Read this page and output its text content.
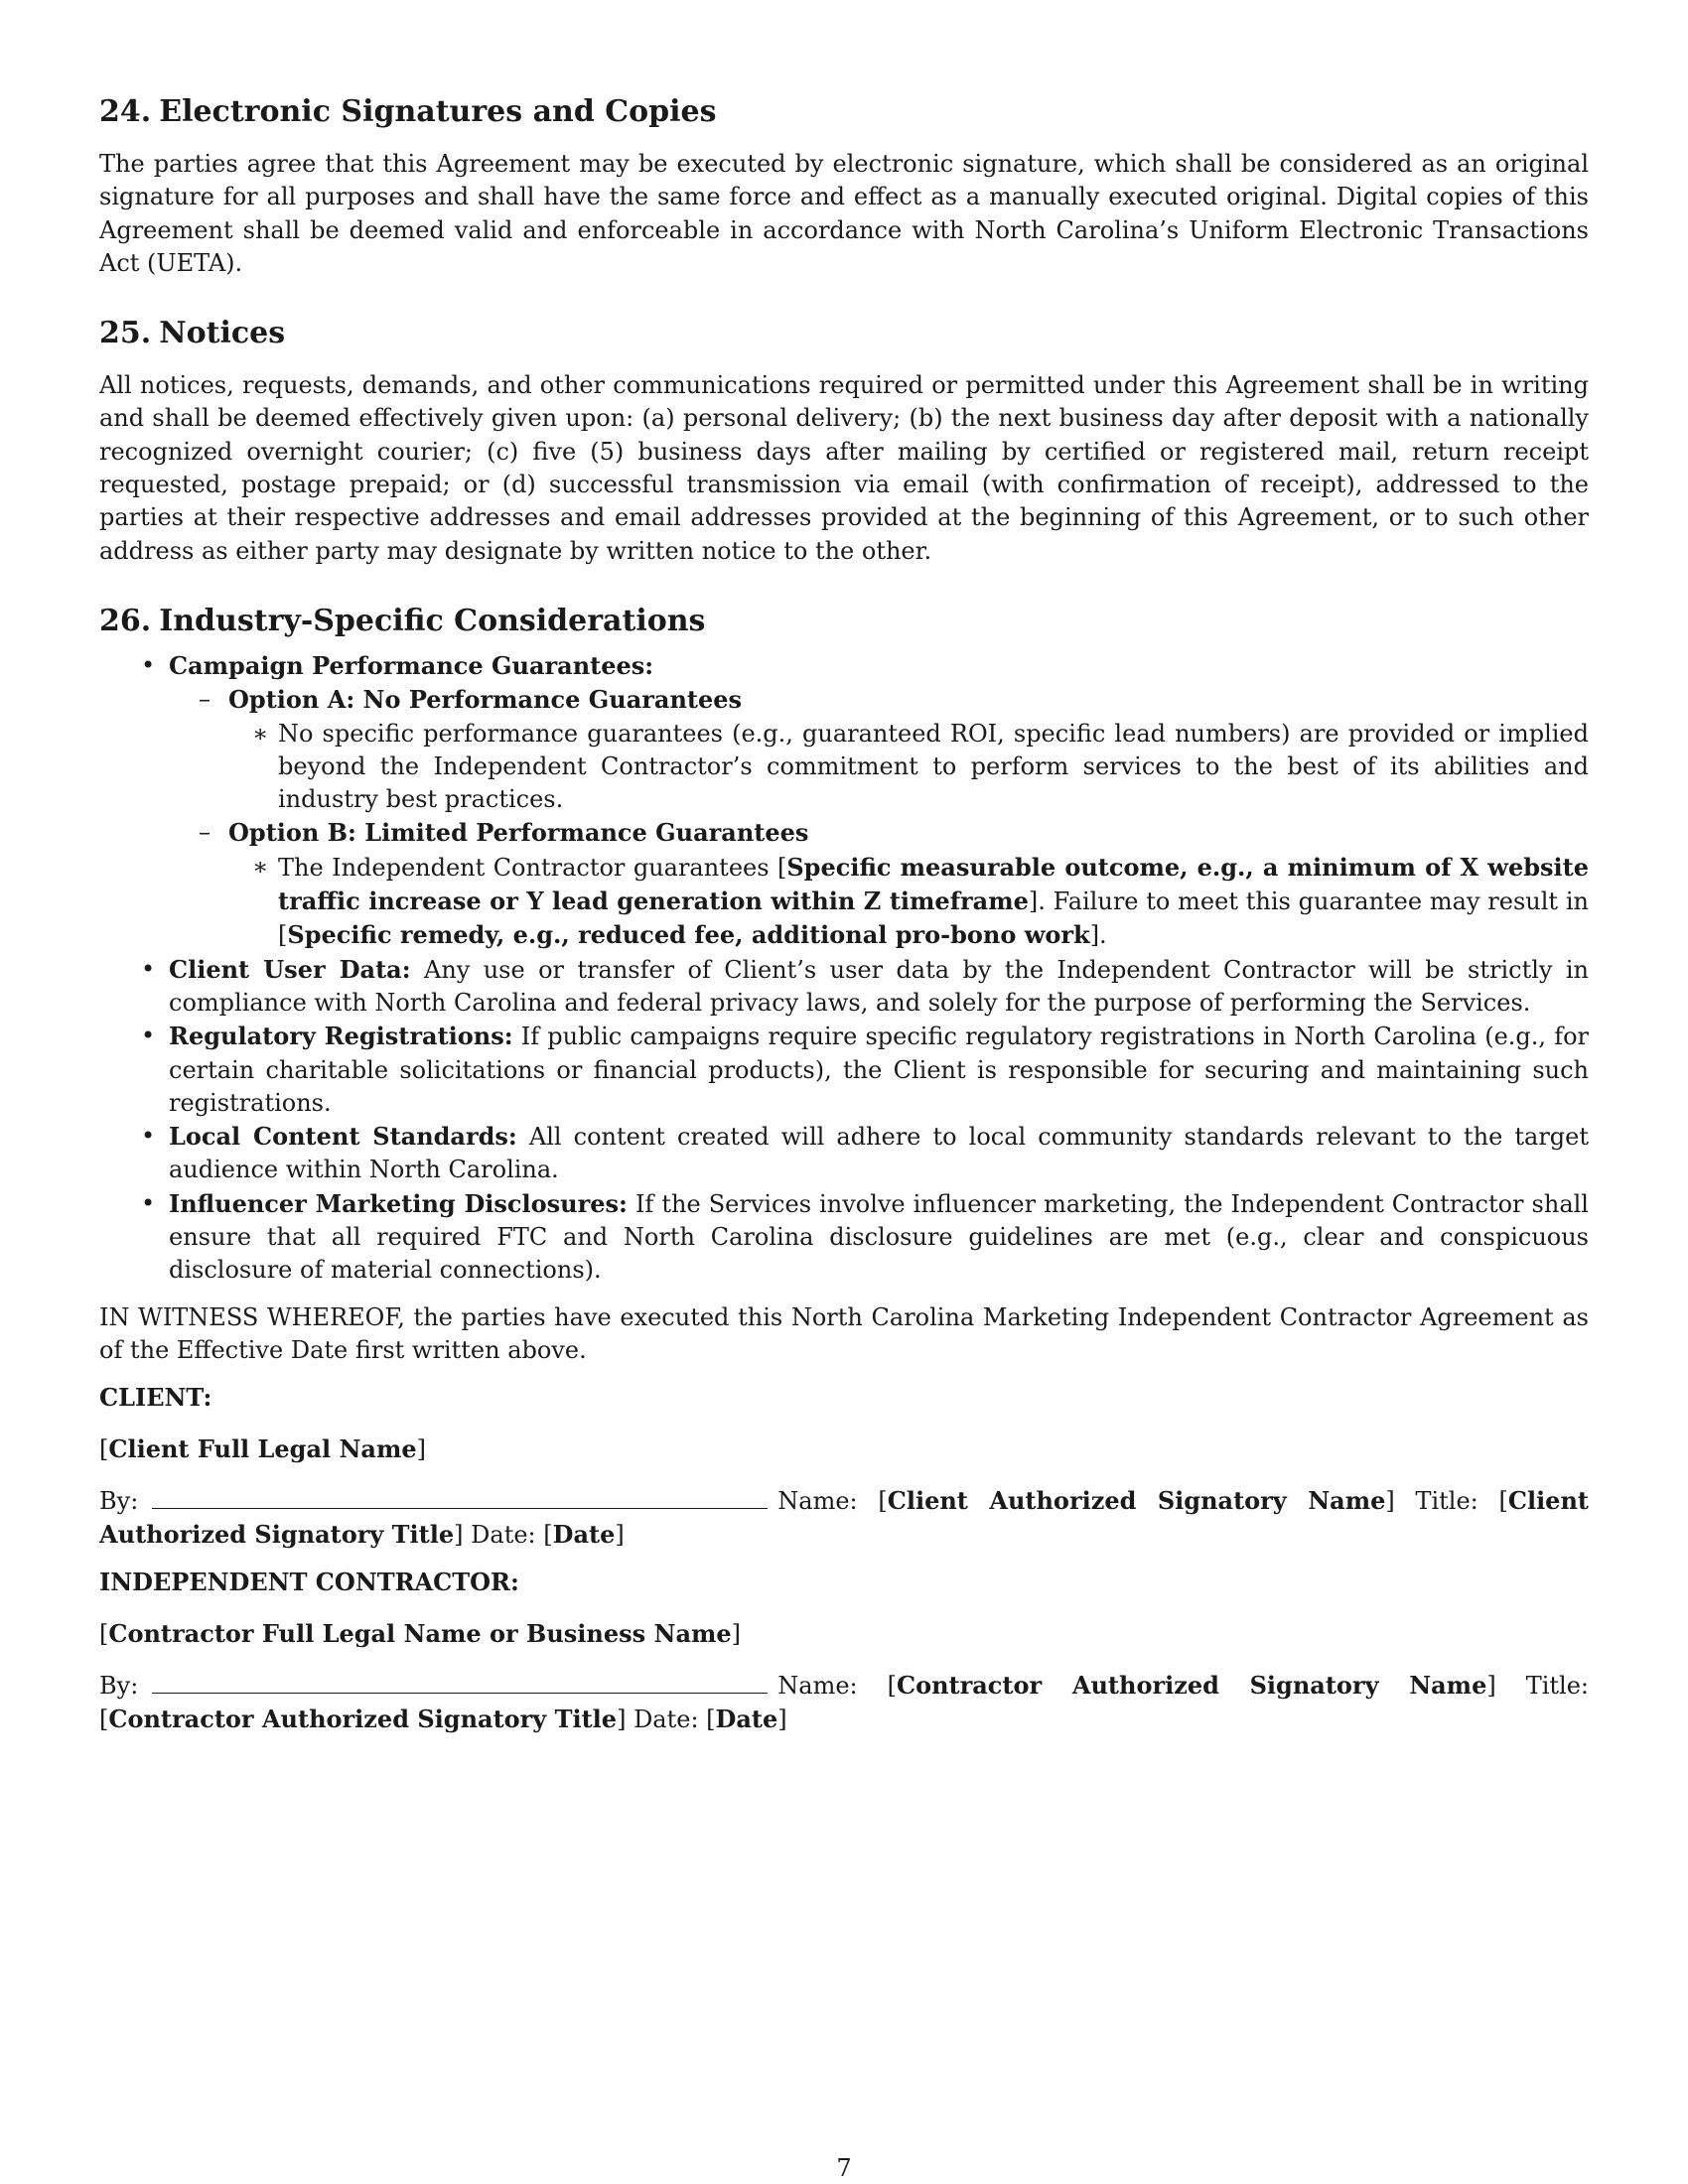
24. Electronic Signatures and Copies

The parties agree that this Agreement may be executed by electronic signature, which shall be considered as an original signature for all purposes and shall have the same force and effect as a manually executed original. Digital copies of this Agreement shall be deemed valid and enforceable in accordance with North Carolina’s Uniform Electronic Transactions Act (UETA).

25. Notices

All notices, requests, demands, and other communications required or permitted under this Agreement shall be in writing and shall be deemed effectively given upon: (a) personal delivery; (b) the next business day after deposit with a nationally recognized overnight courier; (c) five (5) business days after mailing by certified or registered mail, return receipt requested, postage prepaid; or (d) successful transmission via email (with confirmation of receipt), addressed to the parties at their respective addresses and email addresses provided at the beginning of this Agreement, or to such other address as either party may designate by written notice to the other.

26. Industry-Specific Considerations
• Campaign Performance Guarantees:
– Option A: No Performance Guarantees
∗ No specific performance guarantees (e.g., guaranteed ROI, specific lead numbers) are provided or implied beyond the Independent Contractor’s commitment to perform services to the best of its abilities and industry best practices.
– Option B: Limited Performance Guarantees
∗ The Independent Contractor guarantees [Specific measurable outcome, e.g., a minimum of X website traffic increase or Y lead generation within Z timeframe]. Failure to meet this guarantee may result in [Specific remedy, e.g., reduced fee, additional pro-bono work].
• Client User Data: Any use or transfer of Client’s user data by the Independent Contractor will be strictly in compliance with North Carolina and federal privacy laws, and solely for the purpose of performing the Services.
• Regulatory Registrations: If public campaigns require specific regulatory registrations in North Carolina (e.g., for certain charitable solicitations or financial products), the Client is responsible for securing and maintaining such registrations.
• Local Content Standards: All content created will adhere to local community standards relevant to the target audience within North Carolina.
• Influencer Marketing Disclosures: If the Services involve influencer marketing, the Independent Contractor shall ensure that all required FTC and North Carolina disclosure guidelines are met (e.g., clear and conspicuous disclosure of material connections).

IN WITNESS WHEREOF, the parties have executed this North Carolina Marketing Independent Contractor Agreement as of the Effective Date first written above.

CLIENT:
[Client Full Legal Name]

By:	Name: [Client Authorized Signatory Name] Title: [Client Authorized Signatory Title] Date: [Date]

INDEPENDENT CONTRACTOR:
[Contractor Full Legal Name or Business Name]

By:	Name: [Contractor Authorized Signatory Name] Title: [Contractor Authorized Signatory Title] Date: [Date]

7
